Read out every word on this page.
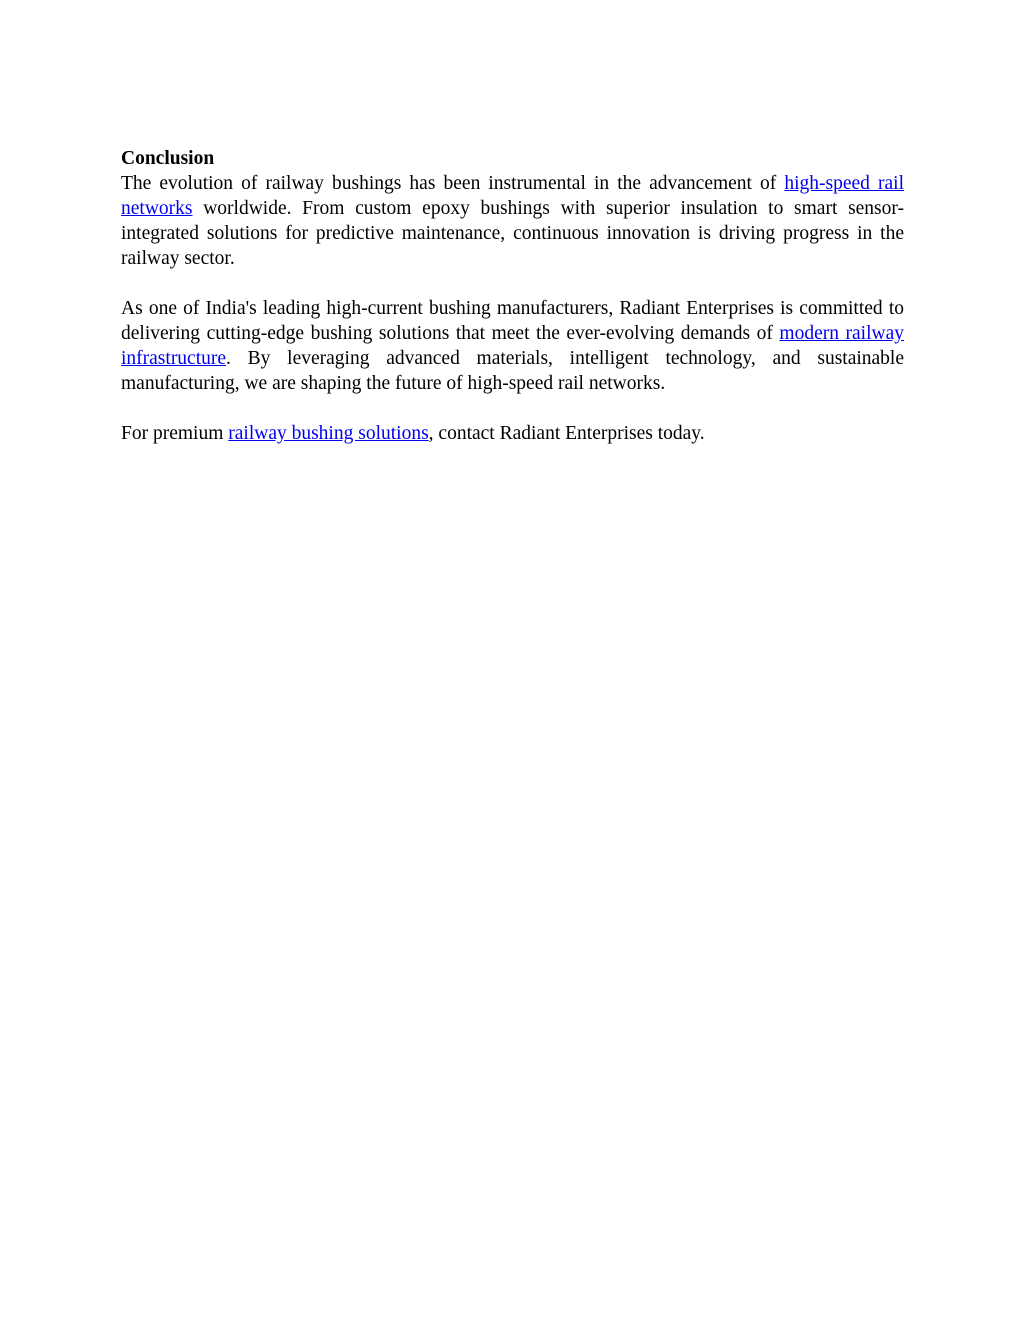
Conclusion

The evolution of railway bushings has been instrumental in the advancement of high-speed rail networks worldwide. From custom epoxy bushings with superior insulation to smart sensor-integrated solutions for predictive maintenance, continuous innovation is driving progress in the railway sector.

As one of India's leading high-current bushing manufacturers, Radiant Enterprises is committed to delivering cutting-edge bushing solutions that meet the ever-evolving demands of modern railway infrastructure. By leveraging advanced materials, intelligent technology, and sustainable manufacturing, we are shaping the future of high-speed rail networks.

For premium railway bushing solutions, contact Radiant Enterprises today.
